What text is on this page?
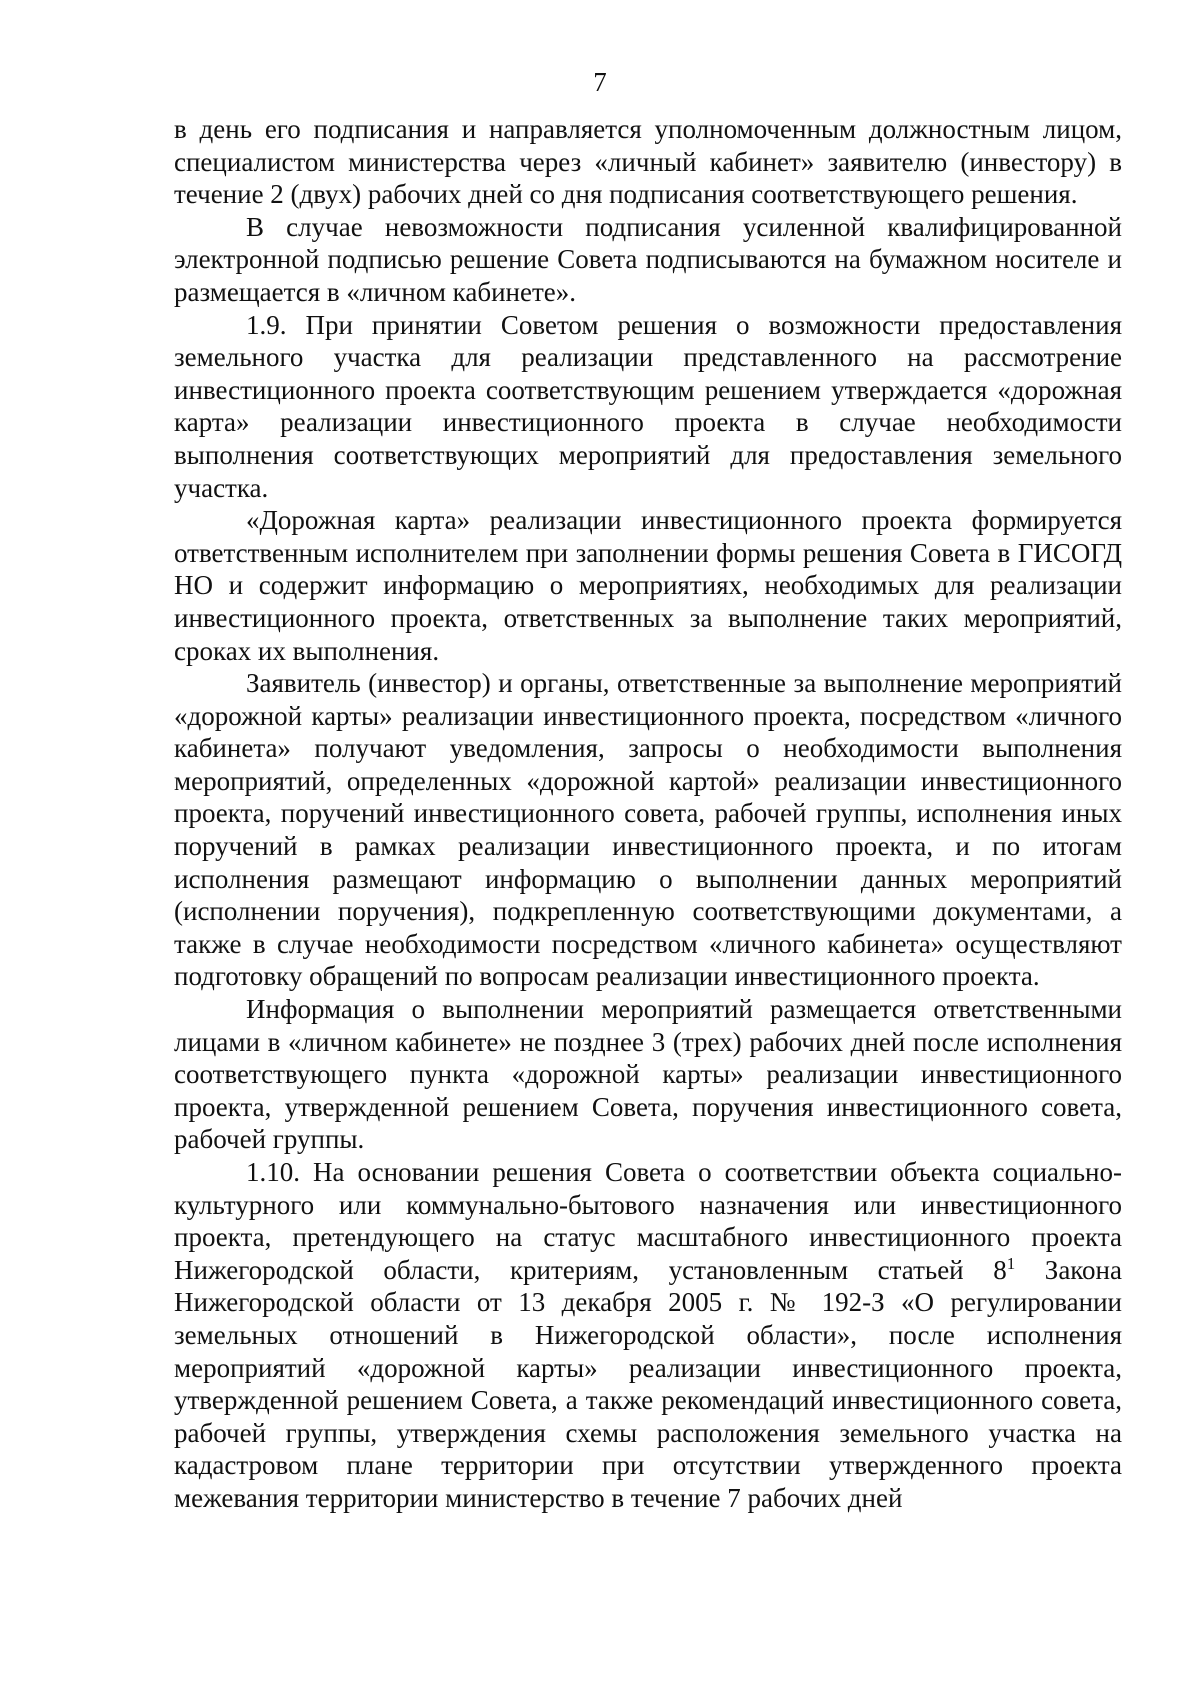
7

в день его подписания и направляется уполномоченным должностным лицом, специалистом министерства через «личный кабинет» заявителю (инвестору) в течение 2 (двух) рабочих дней со дня подписания соответствующего решения.

В случае невозможности подписания усиленной квалифицированной электронной подписью решение Совета подписываются на бумажном носителе и размещается в «личном кабинете».

1.9. При принятии Советом решения о возможности предоставления земельного участка для реализации представленного на рассмотрение инвестиционного проекта соответствующим решением утверждается «дорожная карта» реализации инвестиционного проекта в случае необходимости выполнения соответствующих мероприятий для предоставления земельного участка.

«Дорожная карта» реализации инвестиционного проекта формируется ответственным исполнителем при заполнении формы решения Совета в ГИСОГД НО и содержит информацию о мероприятиях, необходимых для реализации инвестиционного проекта, ответственных за выполнение таких мероприятий, сроках их выполнения.

Заявитель (инвестор) и органы, ответственные за выполнение мероприятий «дорожной карты» реализации инвестиционного проекта, посредством «личного кабинета» получают уведомления, запросы о необходимости выполнения мероприятий, определенных «дорожной картой» реализации инвестиционного проекта, поручений инвестиционного совета, рабочей группы, исполнения иных поручений в рамках реализации инвестиционного проекта, и по итогам исполнения размещают информацию о выполнении данных мероприятий (исполнении поручения), подкрепленную соответствующими документами, а также в случае необходимости посредством «личного кабинета» осуществляют подготовку обращений по вопросам реализации инвестиционного проекта.

Информация о выполнении мероприятий размещается ответственными лицами в «личном кабинете» не позднее 3 (трех) рабочих дней после исполнения соответствующего пункта «дорожной карты» реализации инвестиционного проекта, утвержденной решением Совета, поручения инвестиционного совета, рабочей группы.

1.10. На основании решения Совета о соответствии объекта социально-культурного или коммунально-бытового назначения или инвестиционного проекта, претендующего на статус масштабного инвестиционного проекта Нижегородской области, критериям, установленным статьей $8^1$ Закона Нижегородской области от 13 декабря 2005 г. № 192-З «О регулировании земельных отношений в Нижегородской области», после исполнения мероприятий «дорожной карты» реализации инвестиционного проекта, утвержденной решением Совета, а также рекомендаций инвестиционного совета, рабочей группы, утверждения схемы расположения земельного участка на кадастровом плане территории при отсутствии утвержденного проекта межевания территории министерство в течение 7 рабочих дней
